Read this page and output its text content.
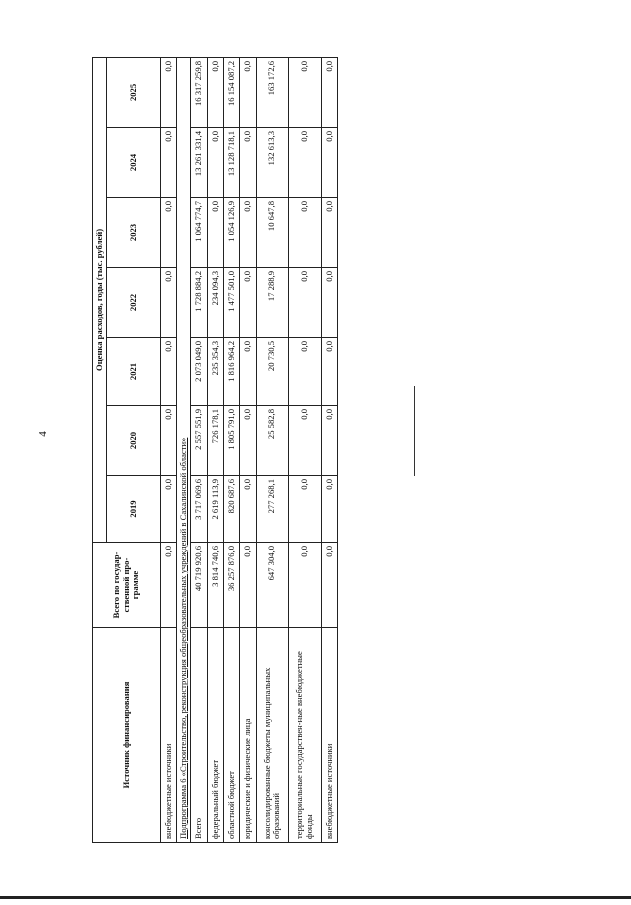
4
Источник финансирования	Всего по государ-ственной про-грамме	Оценка расходов, годы (тыс. рублей)						
		2019	2020	2021	2022	2023	2024	2025
внебюджетные источники	0,0	0,0	0,0	0,0	0,0	0,0	0,0	0,0
Подпрограмма 6 «Строительство, реконструкция общеобразовательных учреждений в Сахалинской области»								
Всего	40 719 920,6	3 717 069,6	2 557 551,9	2 073 049,0	1 728 884,2	1 064 774,7	13 261 331,4	16 317 259,8
федеральный бюджет	3 814 740,6	2 619 113,9	726 178,1	235 354,3	234 094,3	0,0	0,0	0,0
областной бюджет	36 257 876,0	820 687,6	1 805 791,0	1 816 964,2	1 477 501,0	1 054 126,9	13 128 718,1	16 154 087,2
юридические и физические лица	0,0	0,0	0,0	0,0	0,0	0,0	0,0	0,0
консолидированные бюджеты муниципальных образований	647 304,0	277 268,1	25 582,8	20 730,5	17 288,9	10 647,8	132 613,3	163 172,6
территориальные государствен-ные внебюджетные фонды	0,0	0,0	0,0	0,0	0,0	0,0	0,0	0,0
внебюджетные источники	0,0	0,0	0,0	0,0	0,0	0,0	0,0	0,0
